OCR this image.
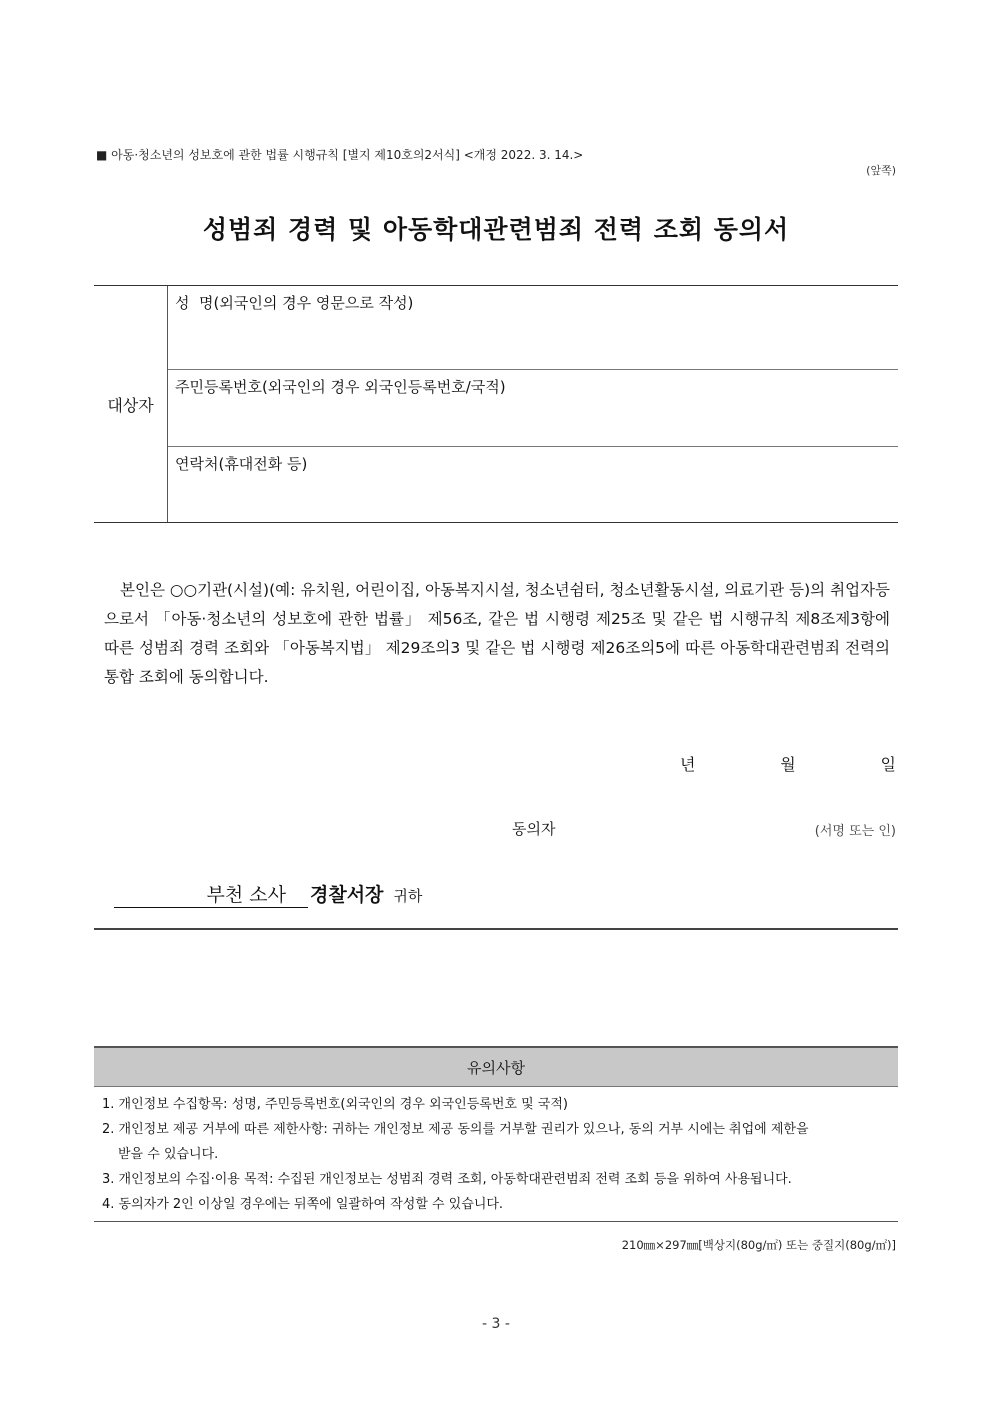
■ 아동·청소년의 성보호에 관한 법률 시행규칙 [별지 제10호의2서식] <개정 2022. 3. 14.>
(앞쪽)
성범죄 경력 및 아동학대관련범죄 전력 조회 동의서
대상자
성  명(외국인의 경우 영문으로 작성)
주민등록번호(외국인의 경우 외국인등록번호/국적)
연락처(휴대전화 등)
본인은 ○○기관(시설)(예: 유치원, 어린이집, 아동복지시설, 청소년쉼터, 청소년활동시설, 의료기관 등)의 취업자등으로서 「아동·청소년의 성보호에 관한 법률」 제56조, 같은 법 시행령 제25조 및 같은 법 시행규칙 제8조제3항에 따른 성범죄 경력 조회와 「아동복지법」 제29조의3 및 같은 법 시행령 제26조의5에 따른 아동학대관련범죄 전력의 통합 조회에 동의합니다.
년	월	일
동의자	(서명 또는 인)
부천 소사	경찰서장 귀하
유의사항
1. 개인정보 수집항목: 성명, 주민등록번호(외국인의 경우 외국인등록번호 및 국적)
2. 개인정보 제공 거부에 따른 제한사항: 귀하는 개인정보 제공 동의를 거부할 권리가 있으나, 동의 거부 시에는 취업에 제한을
받을 수 있습니다.
3. 개인정보의 수집·이용 목적: 수집된 개인정보는 성범죄 경력 조회, 아동학대관련범죄 전력 조회 등을 위하여 사용됩니다.
4. 동의자가 2인 이상일 경우에는 뒤쪽에 일괄하여 작성할 수 있습니다.
210㎜×297㎜[백상지(80g/㎡) 또는 중질지(80g/㎡)]
- 3 -
